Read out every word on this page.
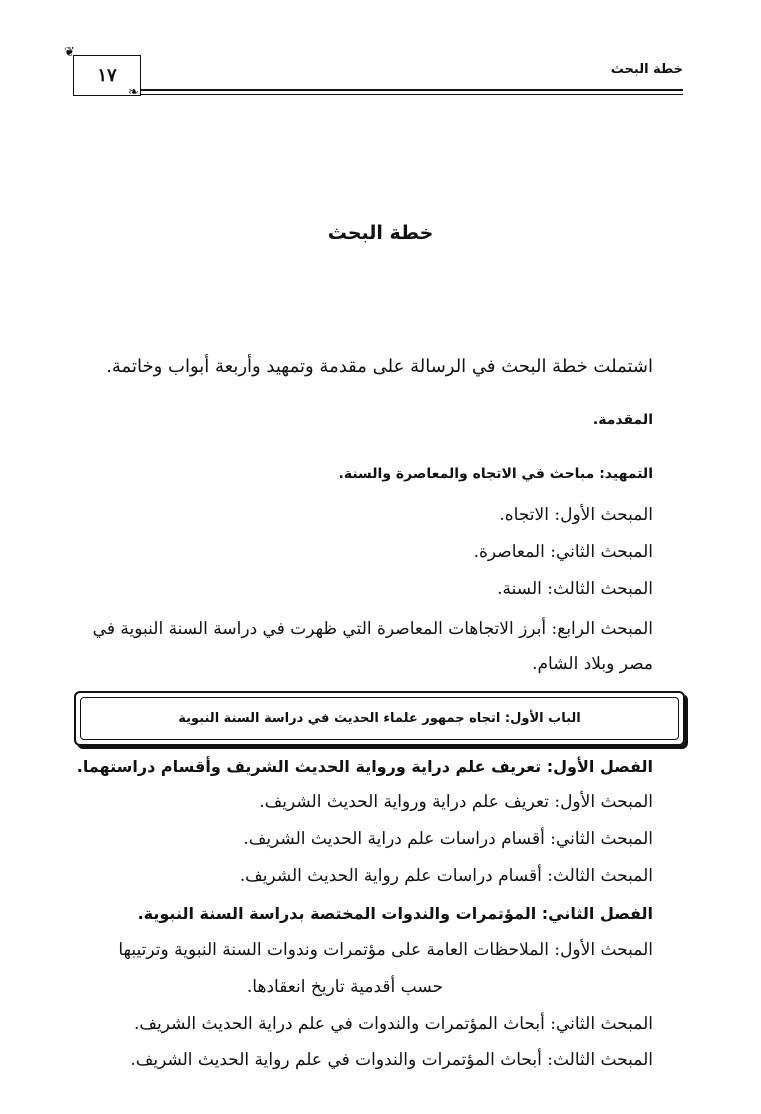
خطة البحث
١٧
❦
❧
خطة البحث
اشتملت خطة البحث في الرسالة على مقدمة وتمهيد وأربعة أبواب وخاتمة.
المقدمة.
التمهيد: مباحث في الاتجاه والمعاصرة والسنة.
المبحث الأول: الاتجاه.
المبحث الثاني: المعاصرة.
المبحث الثالث: السنة.
المبحث الرابع: أبرز الاتجاهات المعاصرة التي ظهرت في دراسة السنة النبوية في
مصر وبلاد الشام.
الباب الأول: اتجاه جمهور علماء الحديث في دراسة السنة النبوية
الفصل الأول: تعريف علم دراية ورواية الحديث الشريف وأقسام دراستهما.
المبحث الأول: تعريف علم دراية ورواية الحديث الشريف.
المبحث الثاني: أقسام دراسات علم دراية الحديث الشريف.
المبحث الثالث: أقسام دراسات علم رواية الحديث الشريف.
الفصل الثاني: المؤتمرات والندوات المختصة بدراسة السنة النبوية.
المبحث الأول: الملاحظات العامة على مؤتمرات وندوات السنة النبوية وترتيبها
حسب أقدمية تاريخ انعقادها.
المبحث الثاني: أبحاث المؤتمرات والندوات في علم دراية الحديث الشريف.
المبحث الثالث: أبحاث المؤتمرات والندوات في علم رواية الحديث الشريف.
